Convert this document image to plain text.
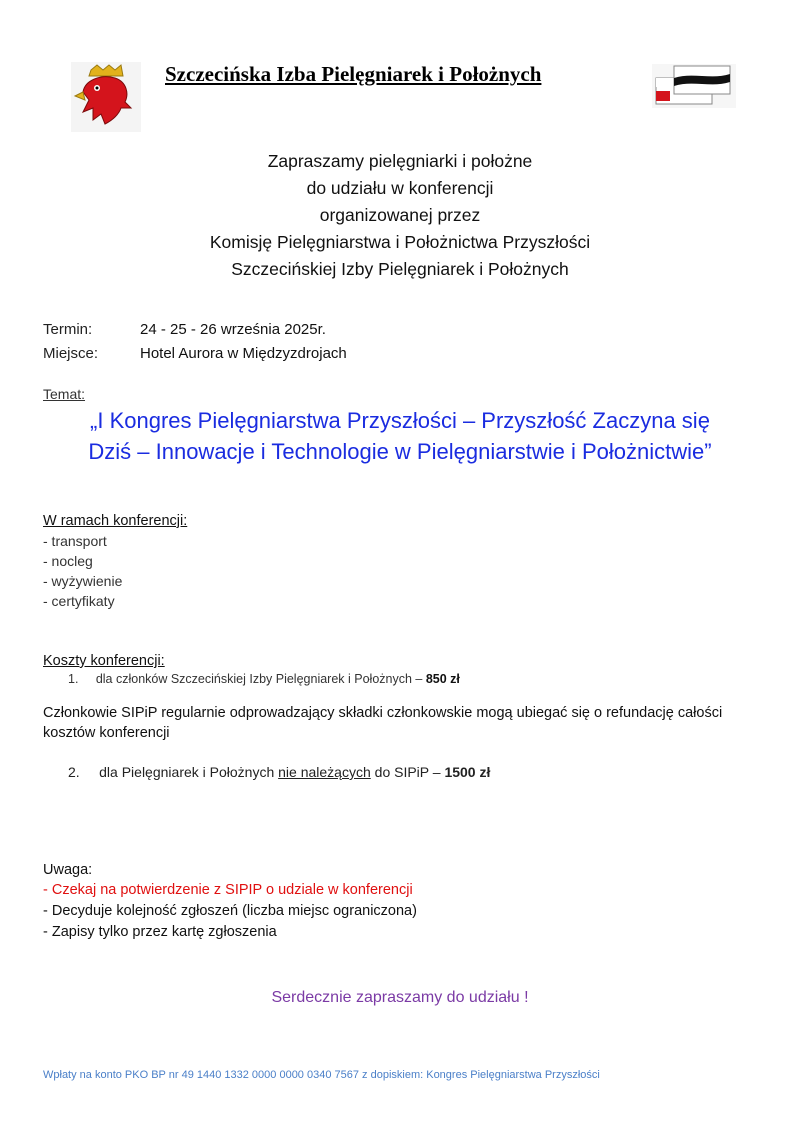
Szczecińska Izba Pielęgniarek i Położnych
Zapraszamy pielęgniarki i położne
do udziału w konferencji
organizowanej przez
Komisję Pielęgniarstwa i Położnictwa Przyszłości
Szczecińskiej Izby Pielęgniarek i Położnych
Termin:	24 - 25 - 26 września 2025r.
Miejsce:	Hotel Aurora w Międzyzdrojach
Temat:
„I Kongres Pielęgniarstwa Przyszłości – Przyszłość Zaczyna się
Dziś – Innowacje i Technologie w Pielęgniarstwie i Położnictwie”
W ramach konferencji:
- transport
- nocleg
- wyżywienie
- certyfikaty
Koszty konferencji:
1. dla członków Szczecińskiej Izby Pielęgniarek i Położnych – 850 zł
Członkowie SIPiP regularnie odprowadzający składki członkowskie mogą ubiegać się o refundację całości kosztów konferencji
2. dla Pielęgniarek i Położnych nie należących do SIPiP – 1500 zł
Uwaga:
- Czekaj na potwierdzenie z SIPIP o udziale w konferencji
- Decyduje kolejność zgłoszeń (liczba miejsc ograniczona)
- Zapisy tylko przez kartę zgłoszenia
Serdecznie zapraszamy do udziału !
Wpłaty na konto PKO BP nr 49 1440 1332 0000 0000 0340 7567 z dopiskiem: Kongres Pielęgniarstwa Przyszłości
